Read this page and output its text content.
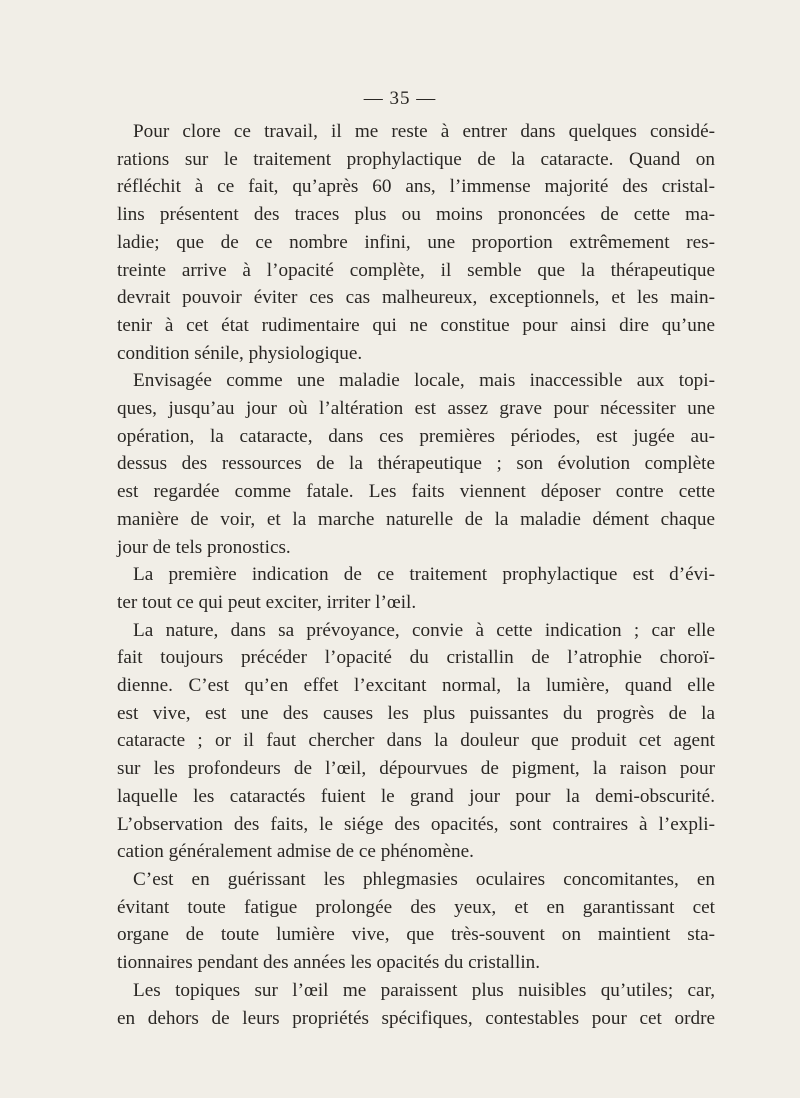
— 35 —
Pour clore ce travail, il me reste à entrer dans quelques considé-
rations sur le traitement prophylactique de la cataracte. Quand on
réfléchit à ce fait, qu’après 60 ans, l’immense majorité des cristal-
lins présentent des traces plus ou moins prononcées de cette ma-
ladie; que de ce nombre infini, une proportion extrêmement res-
treinte arrive à l’opacité complète, il semble que la thérapeutique
devrait pouvoir éviter ces cas malheureux, exceptionnels, et les main-
tenir à cet état rudimentaire qui ne constitue pour ainsi dire qu’une
condition sénile, physiologique.
Envisagée comme une maladie locale, mais inaccessible aux topi-
ques, jusqu’au jour où l’altération est assez grave pour nécessiter une
opération, la cataracte, dans ces premières périodes, est jugée au-
dessus des ressources de la thérapeutique ; son évolution complète
est regardée comme fatale. Les faits viennent déposer contre cette
manière de voir, et la marche naturelle de la maladie dément chaque
jour de tels pronostics.
La première indication de ce traitement prophylactique est d’évi-
ter tout ce qui peut exciter, irriter l’œil.
La nature, dans sa prévoyance, convie à cette indication ; car elle
fait toujours précéder l’opacité du cristallin de l’atrophie choroï-
dienne. C’est qu’en effet l’excitant normal, la lumière, quand elle
est vive, est une des causes les plus puissantes du progrès de la
cataracte ; or il faut chercher dans la douleur que produit cet agent
sur les profondeurs de l’œil, dépourvues de pigment, la raison pour
laquelle les cataractés fuient le grand jour pour la demi-obscurité.
L’observation des faits, le siége des opacités, sont contraires à l’expli-
cation généralement admise de ce phénomène.
C’est en guérissant les phlegmasies oculaires concomitantes, en
évitant toute fatigue prolongée des yeux, et en garantissant cet
organe de toute lumière vive, que très-souvent on maintient sta-
tionnaires pendant des années les opacités du cristallin.
Les topiques sur l’œil me paraissent plus nuisibles qu’utiles; car,
en dehors de leurs propriétés spécifiques, contestables pour cet ordre
